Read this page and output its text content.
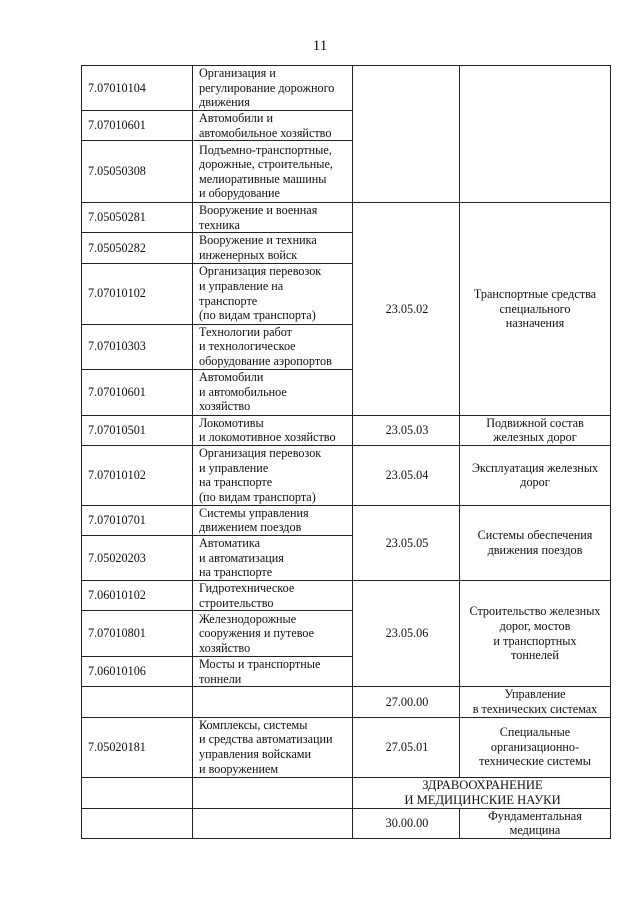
11
7.07010104	Организация и
регулирование дорожного
движения		
7.07010601	Автомобили и
автомобильное хозяйство		
7.05050308	Подъемно-транспортные,
дорожные, строительные,
мелиоративные машины
и оборудование		
7.05050281	Вооружение и военная
техника	23.05.02	Транспортные средства
специального
назначения
7.05050282	Вооружение и техника
инженерных войск		
7.07010102	Организация перевозок
и управление на
транспорте
(по видам транспорта)		
7.07010303	Технологии работ
и технологическое
оборудование аэропортов		
7.07010601	Автомобили
и автомобильное
хозяйство		

7.07010501	Локомотивы
и локомотивное хозяйство	23.05.03	Подвижной состав
железных дорог
7.07010102	Организация перевозок
и управление
на транспорте
(по видам транспорта)	23.05.04	Эксплуатация железных
дорог
7.07010701	Системы управления
движением поездов	23.05.05	Системы обеспечения
движения поездов
7.05020203	Автоматика
и автоматизация
на транспорте		
7.06010102	Гидротехническое
строительство	23.05.06	Строительство железных
дорог, мостов
и транспортных
тоннелей
7.07010801	Железнодорожные
сооружения и путевое
хозяйство		
7.06010106	Мосты и транспортные
тоннели		
		27.00.00	Управление
в технических системах
7.05020181	Комплексы, системы
и средства автоматизации
управления войсками
и вооружением	27.05.01	Специальные
организационно-
технические системы
		ЗДРАВООХРАНЕНИЕ
И МЕДИЦИНСКИЕ НАУКИ	
		30.00.00	Фундаментальная
медицина
